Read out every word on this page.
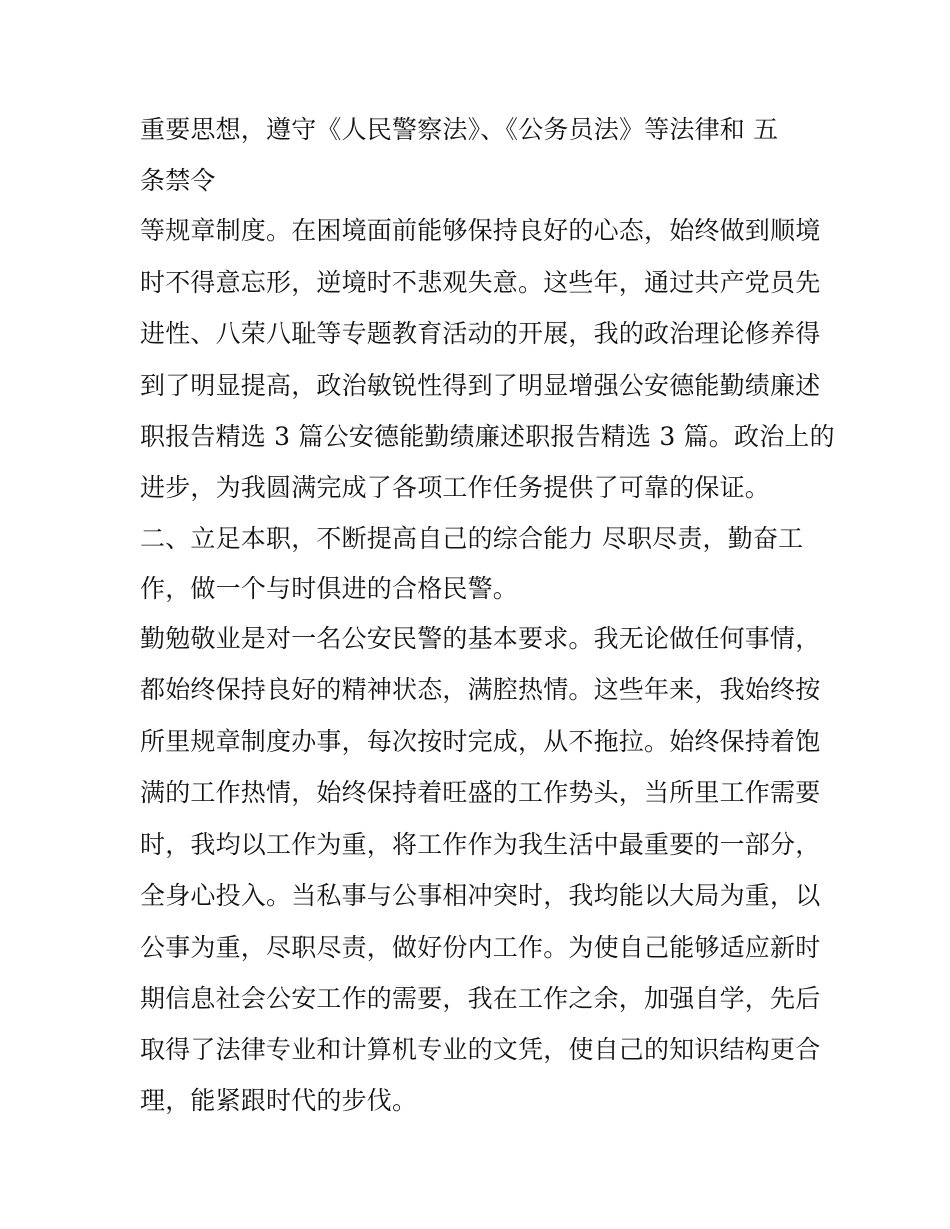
重要思想，遵守《人民警察法》、《公务员法》等法律和 五
条禁令
等规章制度。在困境面前能够保持良好的心态，始终做到顺境
时不得意忘形，逆境时不悲观失意。这些年，通过共产党员先
进性、八荣八耻等专题教育活动的开展，我的政治理论修养得
到了明显提高，政治敏锐性得到了明显增强公安德能勤绩廉述
职报告精选 3 篇公安德能勤绩廉述职报告精选 3 篇。政治上的
进步，为我圆满完成了各项工作任务提供了可靠的保证。
二、立足本职，不断提高自己的综合能力 尽职尽责，勤奋工
作，做一个与时俱进的合格民警。
勤勉敬业是对一名公安民警的基本要求。我无论做任何事情，
都始终保持良好的精神状态，满腔热情。这些年来，我始终按
所里规章制度办事，每次按时完成，从不拖拉。始终保持着饱
满的工作热情，始终保持着旺盛的工作势头，当所里工作需要
时，我均以工作为重，将工作作为我生活中最重要的一部分，
全身心投入。当私事与公事相冲突时，我均能以大局为重，以
公事为重，尽职尽责，做好份内工作。为使自己能够适应新时
期信息社会公安工作的需要，我在工作之余，加强自学，先后
取得了法律专业和计算机专业的文凭，使自己的知识结构更合
理，能紧跟时代的步伐。
